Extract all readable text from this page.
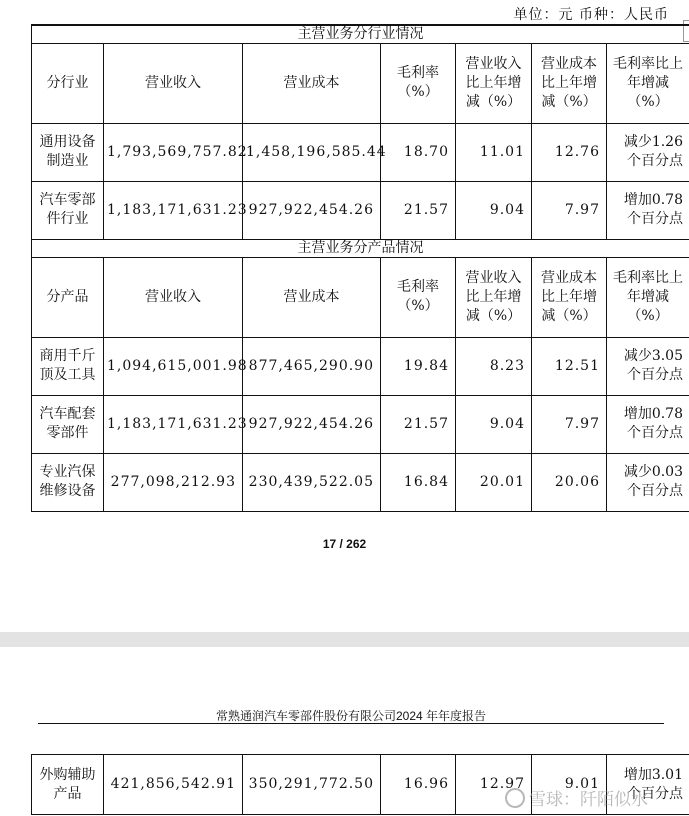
单位：元 币种：人民币
主营业务分行业情况						
分行业	营业收入	营业成本	毛利率（%）	营业收入比上年增减（%）	营业成本比上年增减（%）	毛利率比上年增减（%）
通用设备制造业	1,793,569,757.82	1,458,196,585.44	18.70	11.01	12.76	减少1.26个百分点
汽车零部件行业	1,183,171,631.23	927,922,454.26	21.57	9.04	7.97	增加0.78个百分点
主营业务分产品情况						
分产品	营业收入	营业成本	毛利率（%）	营业收入比上年增减（%）	营业成本比上年增减（%）	毛利率比上年增减（%）
商用千斤顶及工具	1,094,615,001.98	877,465,290.90	19.84	8.23	12.51	减少3.05个百分点
汽车配套零部件	1,183,171,631.23	927,922,454.26	21.57	9.04	7.97	增加0.78个百分点
专业汽保维修设备	277,098,212.93	230,439,522.05	16.84	20.01	20.06	减少0.03个百分点
17 / 262
常熟通润汽车零部件股份有限公司2024 年年度报告
外购辅助产品	421,856,542.91	350,291,772.50	16.96	12.97	9.01	增加3.01个百分点
雪球：阡陌似水
